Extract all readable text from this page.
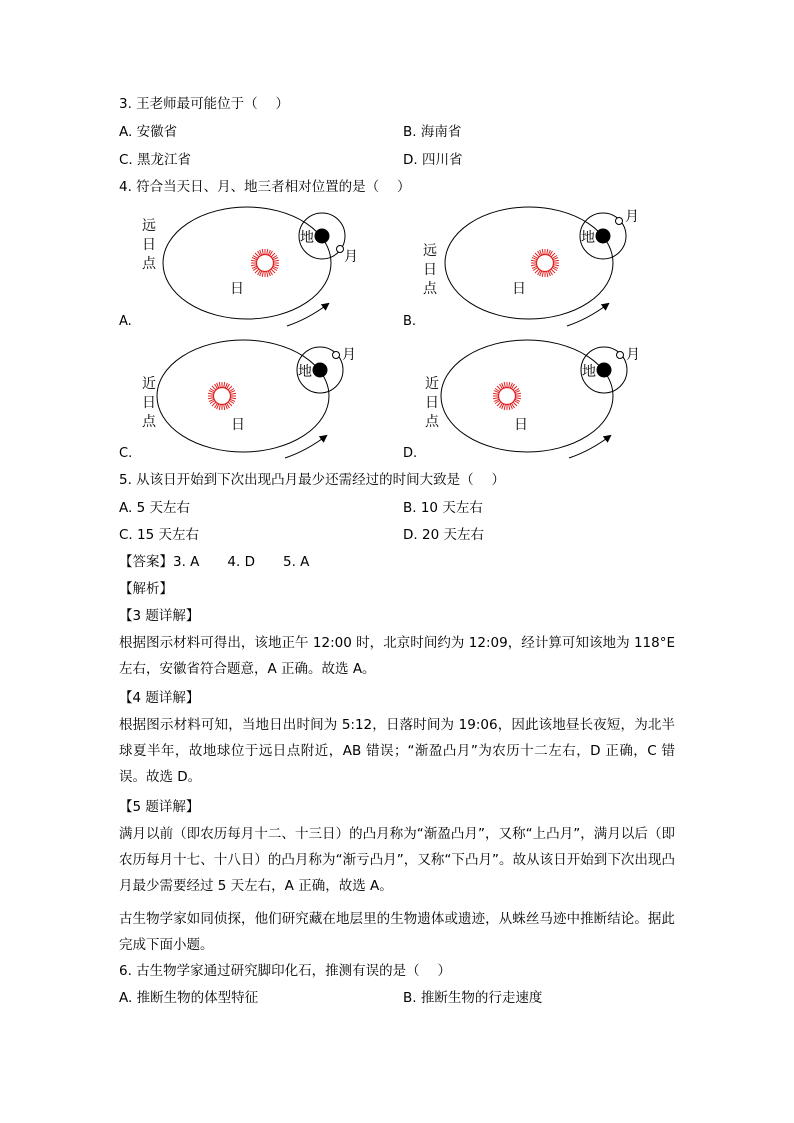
3. 王老师最可能位于（　 ）
A. 安徽省	B. 海南省
C. 黑龙江省	D. 四川省
4. 符合当天日、月、地三者相对位置的是（　 ）
日
地
月
远
日
点
A.
日
地
月
远
日
点
B.
日
地
月
近
日
点
C.
日
地
月
近
日
点
D.
5. 从该日开始到下次出现凸月最少还需经过的时间大致是（　 ）
A. 5 天左右	B. 10 天左右
C. 15 天左右	D. 20 天左右
【答案】3. A 4. D 5. A
【解析】
【3 题详解】
根据图示材料可得出，该地正午 12:00 时，北京时间约为 12:09，经计算可知该地为 118°E 左右，安徽省符合题意，A 正确。故选 A。
【4 题详解】
根据图示材料可知，当地日出时间为 5:12，日落时间为 19:06，因此该地昼长夜短，为北半球夏半年，故地球位于远日点附近，AB 错误；“渐盈凸月”为农历十二左右，D 正确，C 错误。故选 D。
【5 题详解】
满月以前（即农历每月十二、十三日）的凸月称为“渐盈凸月”，又称“上凸月”，满月以后（即农历每月十七、十八日）的凸月称为“渐亏凸月”，又称“下凸月”。故从该日开始到下次出现凸月最少需要经过 5 天左右，A 正确，故选 A。
古生物学家如同侦探，他们研究藏在地层里的生物遗体或遗迹，从蛛丝马迹中推断结论。据此完成下面小题。
6. 古生物学家通过研究脚印化石，推测有误的是（　 ）
A. 推断生物的体型特征	B. 推断生物的行走速度
